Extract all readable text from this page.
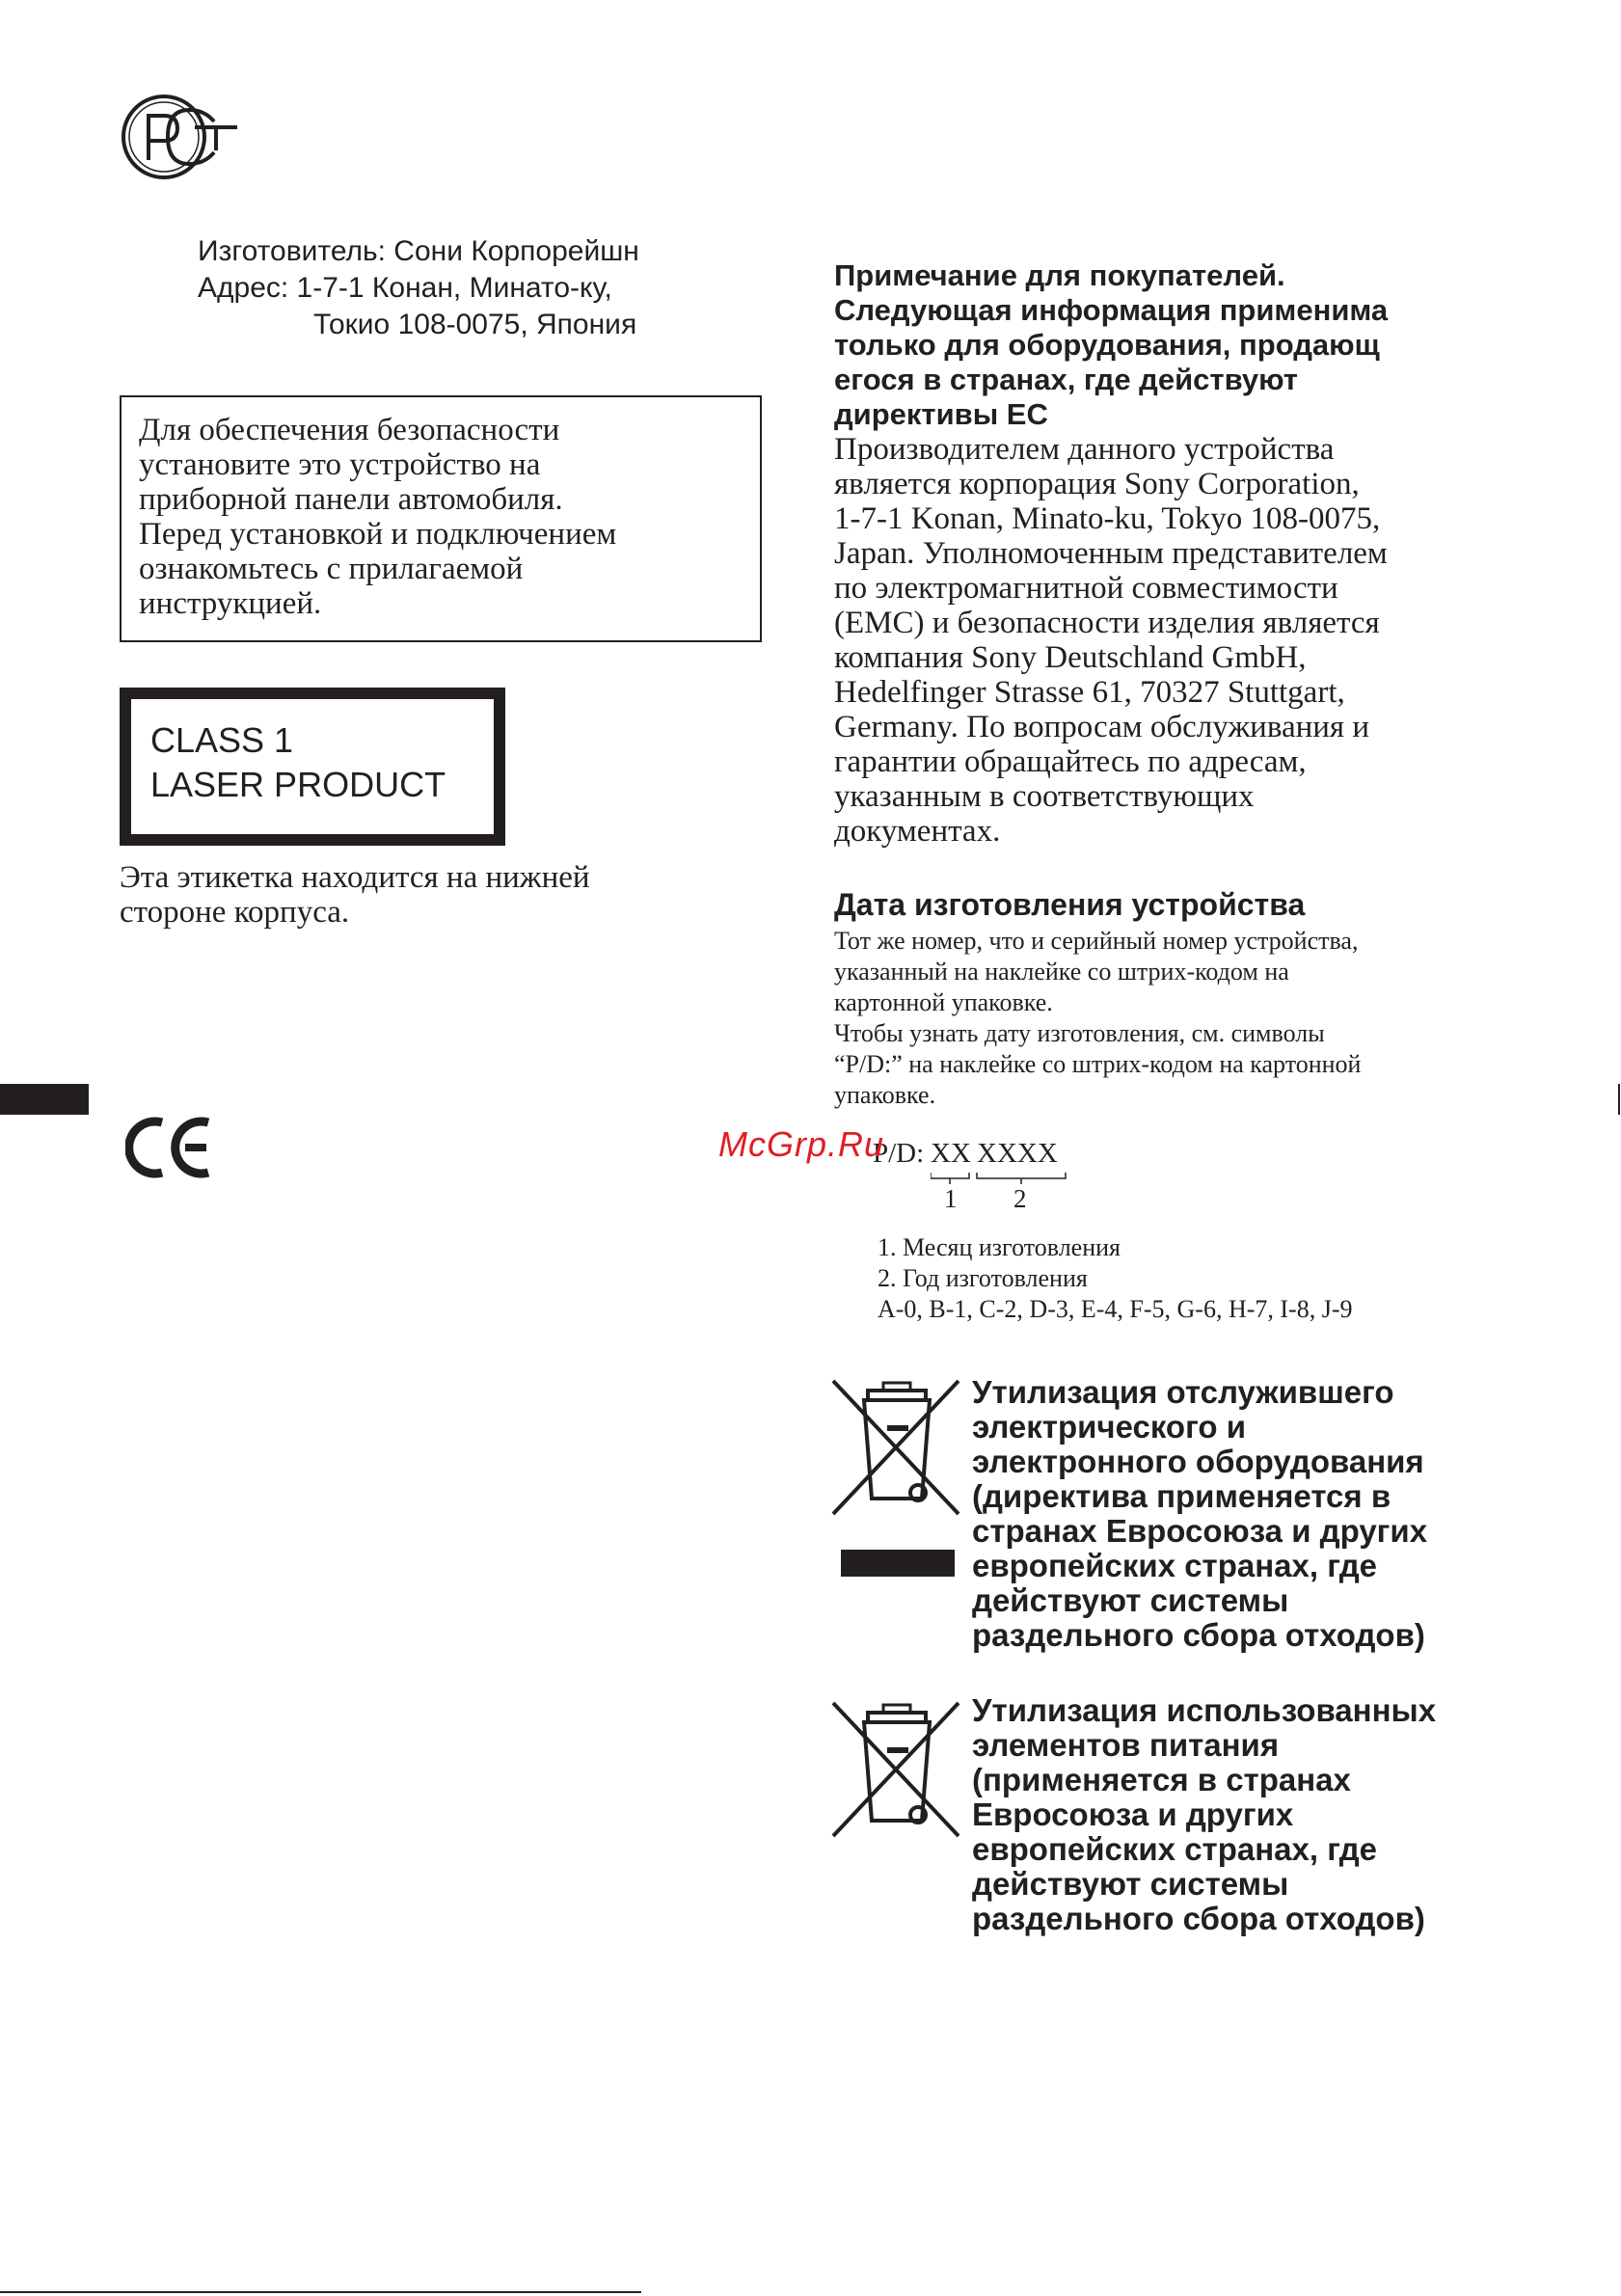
Изготовитель: Сони Корпорейшн
Адрес: 1-7-1 Конан, Минато-ку,
Токио 108-0075, Япония
Для обеспечения безопасности
установите это устройство на
приборной панели автомобиля.
Перед установкой и подключением
ознакомьтесь с прилагаемой
инструкцией.
CLASS 1
LASER PRODUCT
Эта этикетка находится на нижней
стороне корпуса.
Примечание для покупателей.
Следующая информация применима
только для оборудования, продающ
егося в странах, где действуют
директивы ЕС
Производителем данного устройства
является корпорация Sony Corporation,
1-7-1 Konan, Minato-ku, Tokyo 108-0075,
Japan. Уполномоченным представителем
по электромагнитной совместимости
(EMC) и безопасности изделия является
компания Sony Deutschland GmbH,
Hedelfinger Strasse 61, 70327 Stuttgart,
Germany. По вопросам обслуживания и
гарантии обращайтесь по адресам,
указанным в соответствующих
документах.
Дата изготовления устройства
Тот же номер, что и серийный номер устройства,
указанный на наклейке со штрих-кодом на
картонной упаковке.
Чтобы узнать дату изготовления, см. символы
“P/D:” на наклейке со штрих-кодом на картонной
упаковке.
P/D: XX XXXX
1 2
1. Месяц изготовления
2. Год изготовления
A-0, B-1, C-2, D-3, E-4, F-5, G-6, H-7, I-8, J-9
McGrp.Ru
Утилизация отслужившего
электрического и
электронного оборудования
(директива применяется в
странах Евросоюза и других
европейских странах, где
действуют системы
раздельного сбора отходов)
Утилизация использованных
элементов питания
(применяется в странах
Евросоюза и других
европейских странах, где
действуют системы
раздельного сбора отходов)
